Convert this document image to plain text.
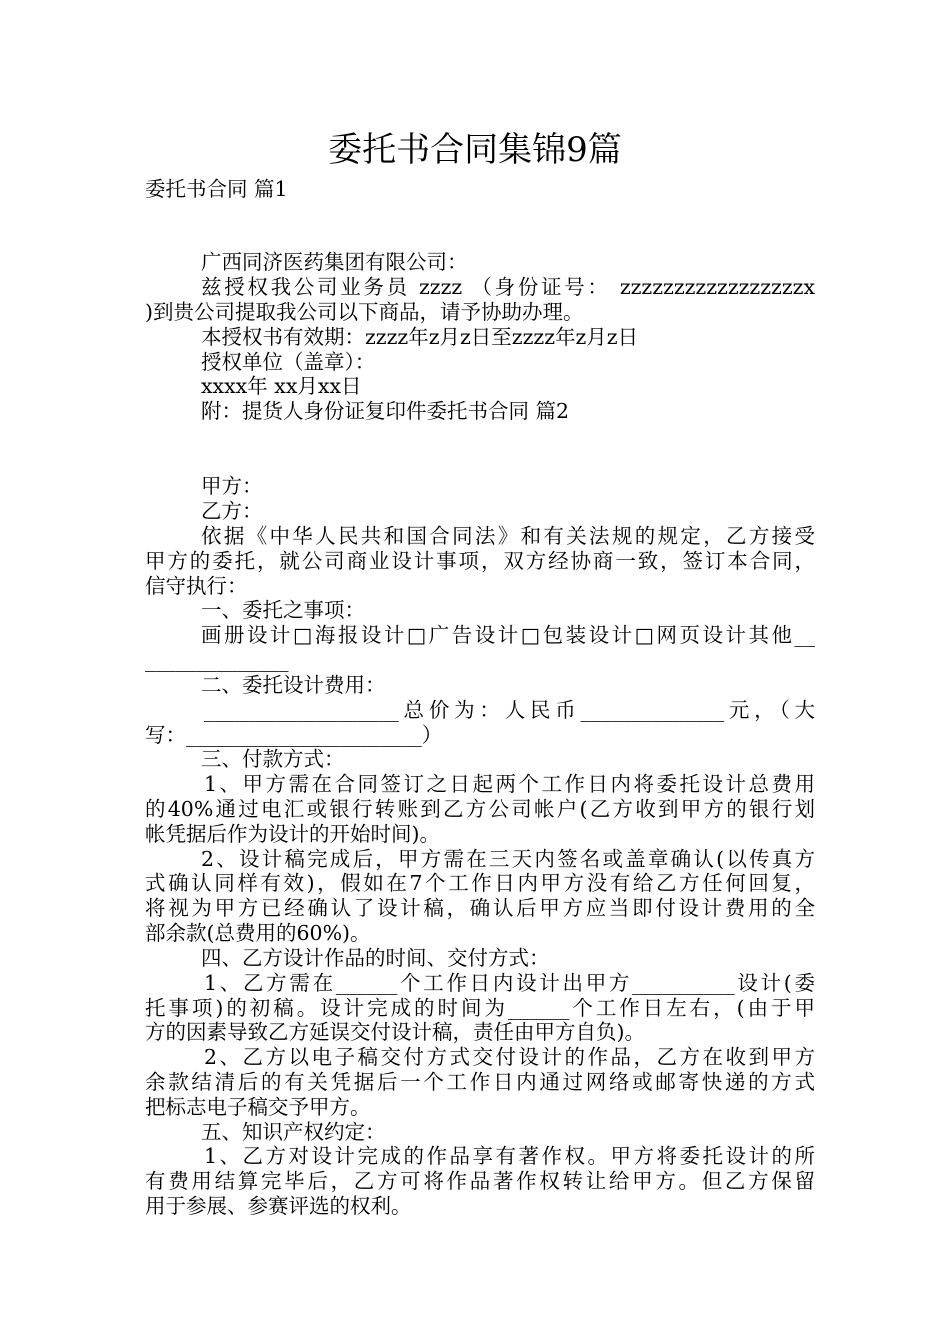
委托书合同集锦9篇
委托书合同 篇1
广西同济医药集团有限公司：
兹授权我公司业务员 zzzz （身份证号： zzzzzzzzzzzzzzzzzx
)到贵公司提取我公司以下商品，请予协助办理。
本授权书有效期：zzzz年z月z日至zzzz年z月z日
授权单位（盖章）：
xxxx年 xx月xx日
附：提货人身份证复印件委托书合同 篇2
甲方：
乙方：
依据《中华人民共和国合同法》和有关法规的规定，乙方接受
甲方的委托，就公司商业设计事项，双方经协商一致，签订本合同，
信守执行：
一、委托之事项：
画册设计□海报设计□广告设计□包装设计□网页设计其他__
______________
二、委托设计费用：
___________________总价为：人民币______________元，（大
写：_______________________）
三、付款方式：
1、甲方需在合同签订之日起两个工作日内将委托设计总费用
的40%通过电汇或银行转账到乙方公司帐户(乙方收到甲方的银行划
帐凭据后作为设计的开始时间)。
2、设计稿完成后，甲方需在三天内签名或盖章确认(以传真方
式确认同样有效)，假如在7个工作日内甲方没有给乙方任何回复，
将视为甲方已经确认了设计稿，确认后甲方应当即付设计费用的全
部余款(总费用的60%)。
四、乙方设计作品的时间、交付方式：
1、乙方需在______个工作日内设计出甲方__________设计(委
托事项)的初稿。设计完成的时间为______个工作日左右，(由于甲
方的因素导致乙方延误交付设计稿，责任由甲方自负)。
2、乙方以电子稿交付方式交付设计的作品，乙方在收到甲方
余款结清后的有关凭据后一个工作日内通过网络或邮寄快递的方式
把标志电子稿交予甲方。
五、知识产权约定：
1、乙方对设计完成的作品享有著作权。甲方将委托设计的所
有费用结算完毕后，乙方可将作品著作权转让给甲方。但乙方保留
用于参展、参赛评选的权利。
